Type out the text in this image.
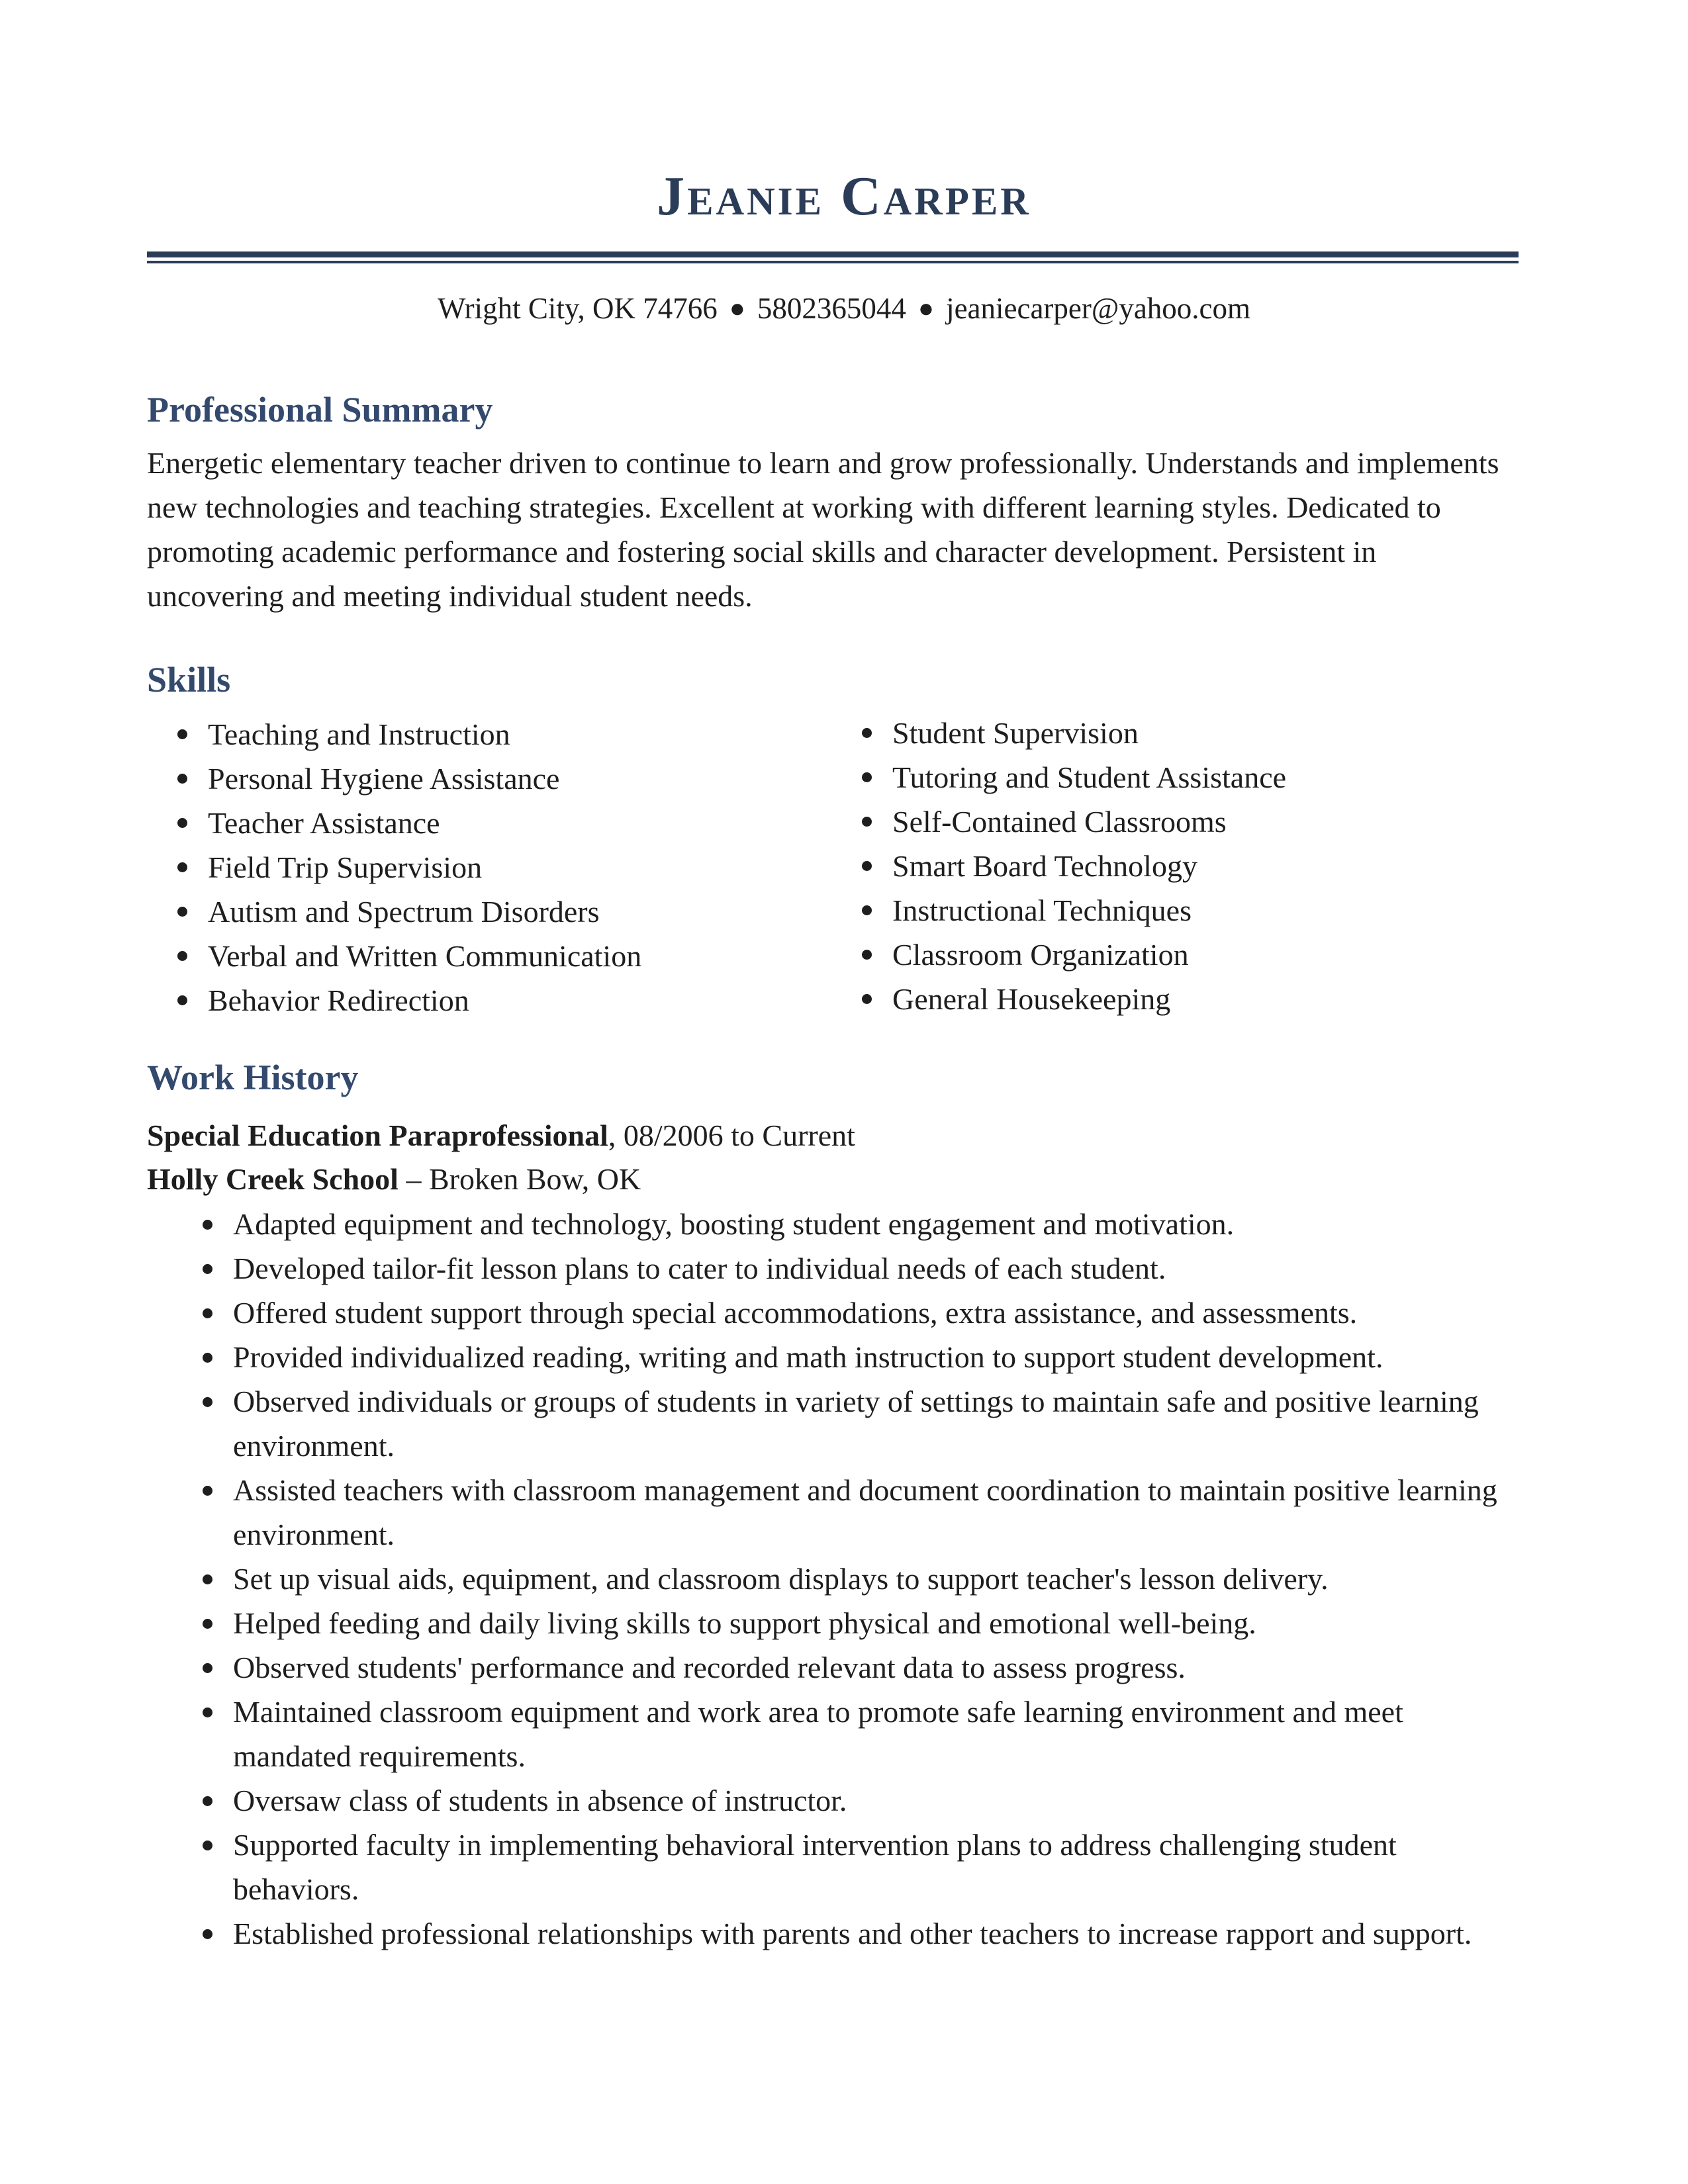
Jeanie Carper
Wright City, OK 74766 ● 5802365044 ● jeaniecarper@yahoo.com
Professional Summary
Energetic elementary teacher driven to continue to learn and grow professionally. Understands and implements new technologies and teaching strategies. Excellent at working with different learning styles. Dedicated to promoting academic performance and fostering social skills and character development. Persistent in uncovering and meeting individual student needs.
Skills
Teaching and Instruction
Personal Hygiene Assistance
Teacher Assistance
Field Trip Supervision
Autism and Spectrum Disorders
Verbal and Written Communication
Behavior Redirection
Student Supervision
Tutoring and Student Assistance
Self-Contained Classrooms
Smart Board Technology
Instructional Techniques
Classroom Organization
General Housekeeping
Work History
Special Education Paraprofessional, 08/2006 to Current
Holly Creek School – Broken Bow, OK
Adapted equipment and technology, boosting student engagement and motivation.
Developed tailor-fit lesson plans to cater to individual needs of each student.
Offered student support through special accommodations, extra assistance, and assessments.
Provided individualized reading, writing and math instruction to support student development.
Observed individuals or groups of students in variety of settings to maintain safe and positive learning environment.
Assisted teachers with classroom management and document coordination to maintain positive learning environment.
Set up visual aids, equipment, and classroom displays to support teacher's lesson delivery.
Helped feeding and daily living skills to support physical and emotional well-being.
Observed students' performance and recorded relevant data to assess progress.
Maintained classroom equipment and work area to promote safe learning environment and meet mandated requirements.
Oversaw class of students in absence of instructor.
Supported faculty in implementing behavioral intervention plans to address challenging student behaviors.
Established professional relationships with parents and other teachers to increase rapport and support.
